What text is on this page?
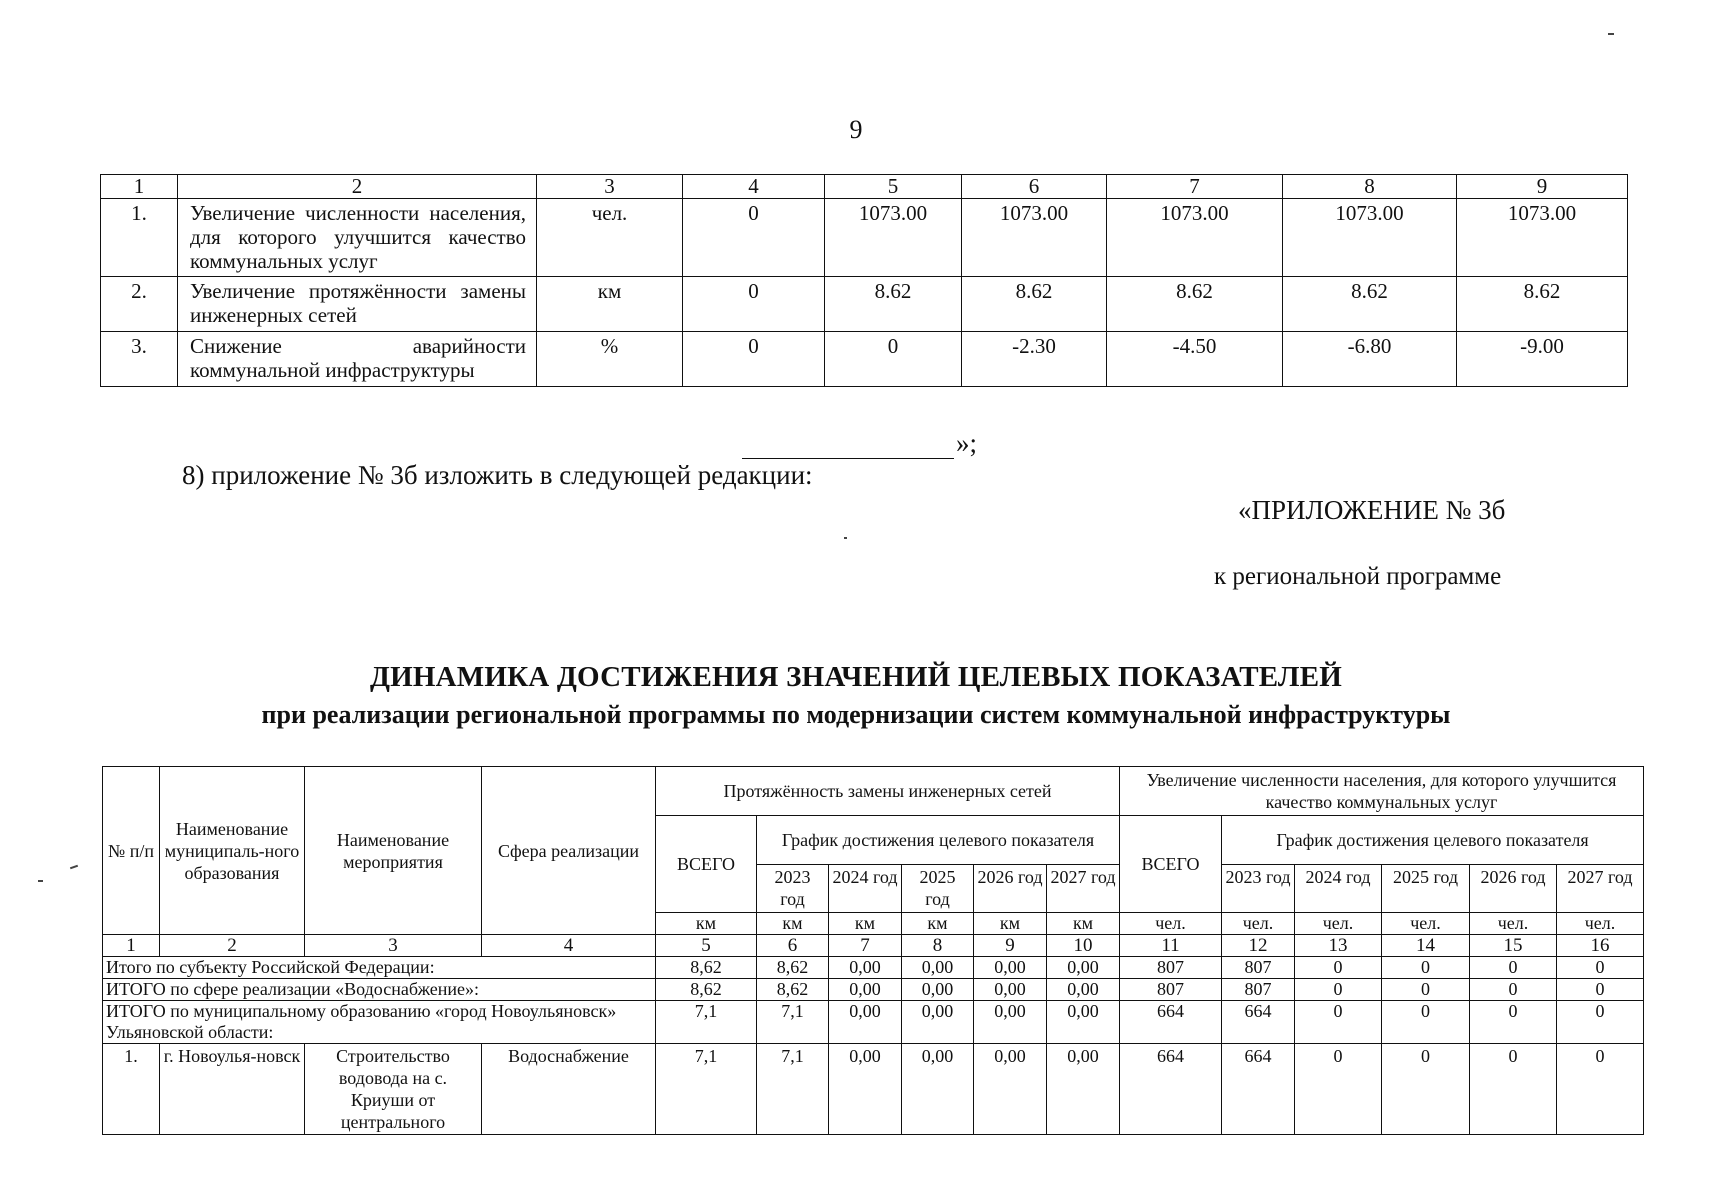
9
1	2	3	4	5	6	7	8	9
1.	Увеличение численности населения, для которого улучшится качество коммунальных услуг	чел.	0	1073.00	1073.00	1073.00	1073.00	1073.00
2.	Увеличение протяжённости замены инженерных сетей	км	0	8.62	8.62	8.62	8.62	8.62
3.	Снижение аварийности коммунальной инфраструктуры	%	0	0	-2.30	-4.50	-6.80	-9.00
»;
8) приложение № 3б изложить в следующей редакции:
«ПРИЛОЖЕНИЕ № 3б
к региональной программе
ДИНАМИКА ДОСТИЖЕНИЯ ЗНАЧЕНИЙ ЦЕЛЕВЫХ ПОКАЗАТЕЛЕЙ
при реализации региональной программы по модернизации систем коммунальной инфраструктуры
№ п/п	Наименование муниципаль-ного образования	Наименование мероприятия	Сфера реализации	Протяжённость замены инженерных сетей						Увеличение численности населения, для которого улучшится качество коммунальных услуг					
				ВСЕГО	График достижения целевого показателя					ВСЕГО	График достижения целевого показателя				
					2023 год	2024 год	2025 год	2026 год	2027 год		2023 год	2024 год	2025 год	2026 год	2027 год
				км	км	км	км	км	км	чел.	чел.	чел.	чел.	чел.	чел.
1	2	3	4	5	6	7	8	9	10	11	12	13	14	15	16
Итого по субъекту Российской Федерации:				8,62	8,62	0,00	0,00	0,00	0,00	807	807	0	0	0	0
ИТОГО по сфере реализации «Водоснабжение»:				8,62	8,62	0,00	0,00	0,00	0,00	807	807	0	0	0	0
ИТОГО по муниципальному образованию «город Новоульяновск» Ульяновской области:				7,1	7,1	0,00	0,00	0,00	0,00	664	664	0	0	0	0
1.	г. Новоулья-новск	Строительство водовода на с. Криуши от центрального	Водоснабжение	7,1	7,1	0,00	0,00	0,00	0,00	664	664	0	0	0	0
